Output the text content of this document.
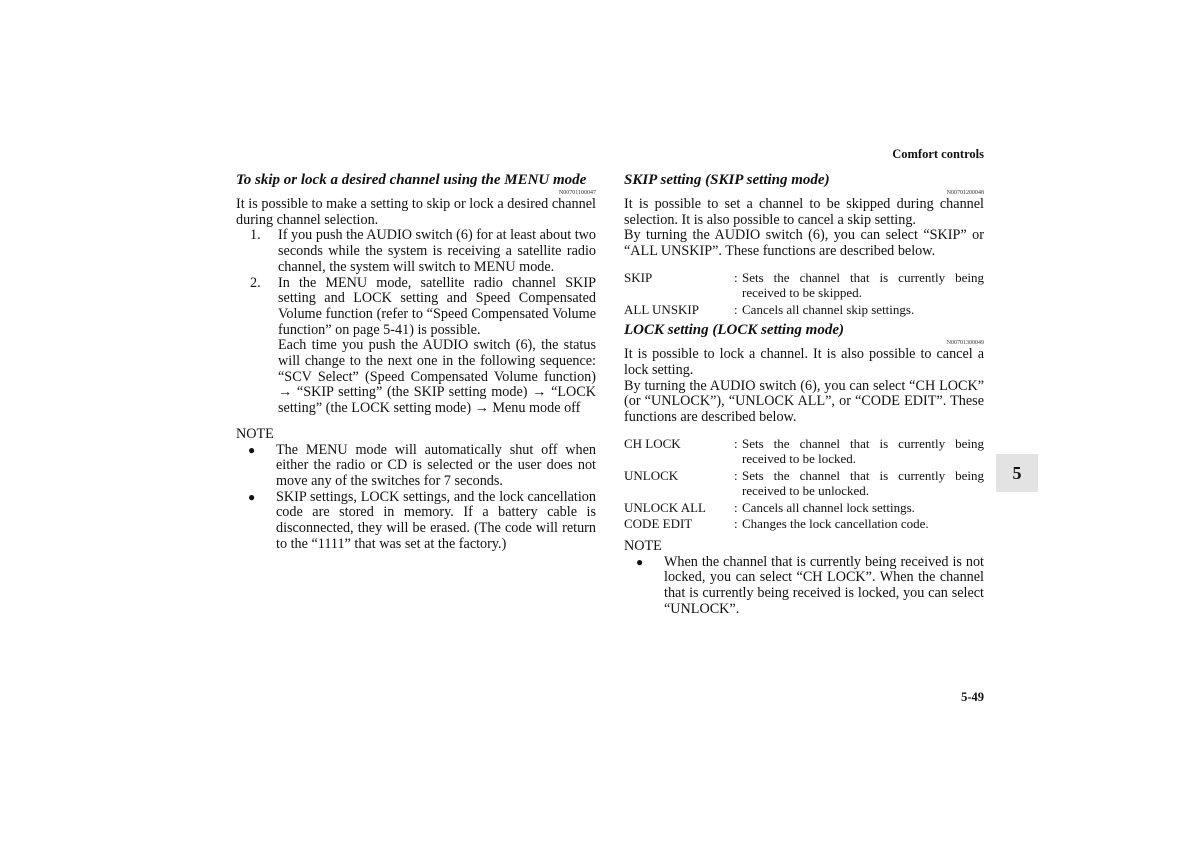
Comfort controls
5
5-49
To skip or lock a desired channel using the MENU mode
N00701100047

It is possible to make a setting to skip or lock a desired channel during channel selection.

1.	If you push the AUDIO switch (6) for at least about two seconds while the system is receiving a satellite radio channel, the system will switch to MENU mode.
2.	In the MENU mode, satellite radio channel SKIP setting and LOCK setting and Speed Compensated Volume function (refer to “Speed Compensated Volume function” on page 5-41) is possible.

Each time you push the AUDIO switch (6), the status will change to the next one in the following sequence: “SCV Select” (Speed Compensated Volume function) → “SKIP setting” (the SKIP setting mode) → “LOCK setting” (the LOCK setting mode) → Menu mode off

NOTE
●	The MENU mode will automatically shut off when either the radio or CD is selected or the user does not move any of the switches for 7 seconds.
●	SKIP settings, LOCK settings, and the lock cancellation code are stored in memory. If a battery cable is disconnected, they will be erased. (The code will return to the “1111” that was set at the factory.)
SKIP setting (SKIP setting mode)
N00701200048

It is possible to set a channel to be skipped during channel selection. It is also possible to cancel a skip setting.

By turning the AUDIO switch (6), you can select “SKIP” or “ALL UNSKIP”. These functions are described below.

SKIP	:	Sets the channel that is currently being received to be skipped.
ALL UNSKIP	:	Cancels all channel skip settings.
LOCK setting (LOCK setting mode)
N00701300049

It is possible to lock a channel. It is also possible to cancel a lock setting.

By turning the AUDIO switch (6), you can select “CH LOCK” (or “UNLOCK”), “UNLOCK ALL”, or “CODE EDIT”. These functions are described below.

CH LOCK	:	Sets the channel that is currently being received to be locked.
UNLOCK	:	Sets the channel that is currently being received to be unlocked.
UNLOCK ALL	:	Cancels all channel lock settings.
CODE EDIT	:	Changes the lock cancellation code.
NOTE
●	When the channel that is currently being received is not locked, you can select “CH LOCK”. When the channel that is currently being received is locked, you can select “UNLOCK”.
